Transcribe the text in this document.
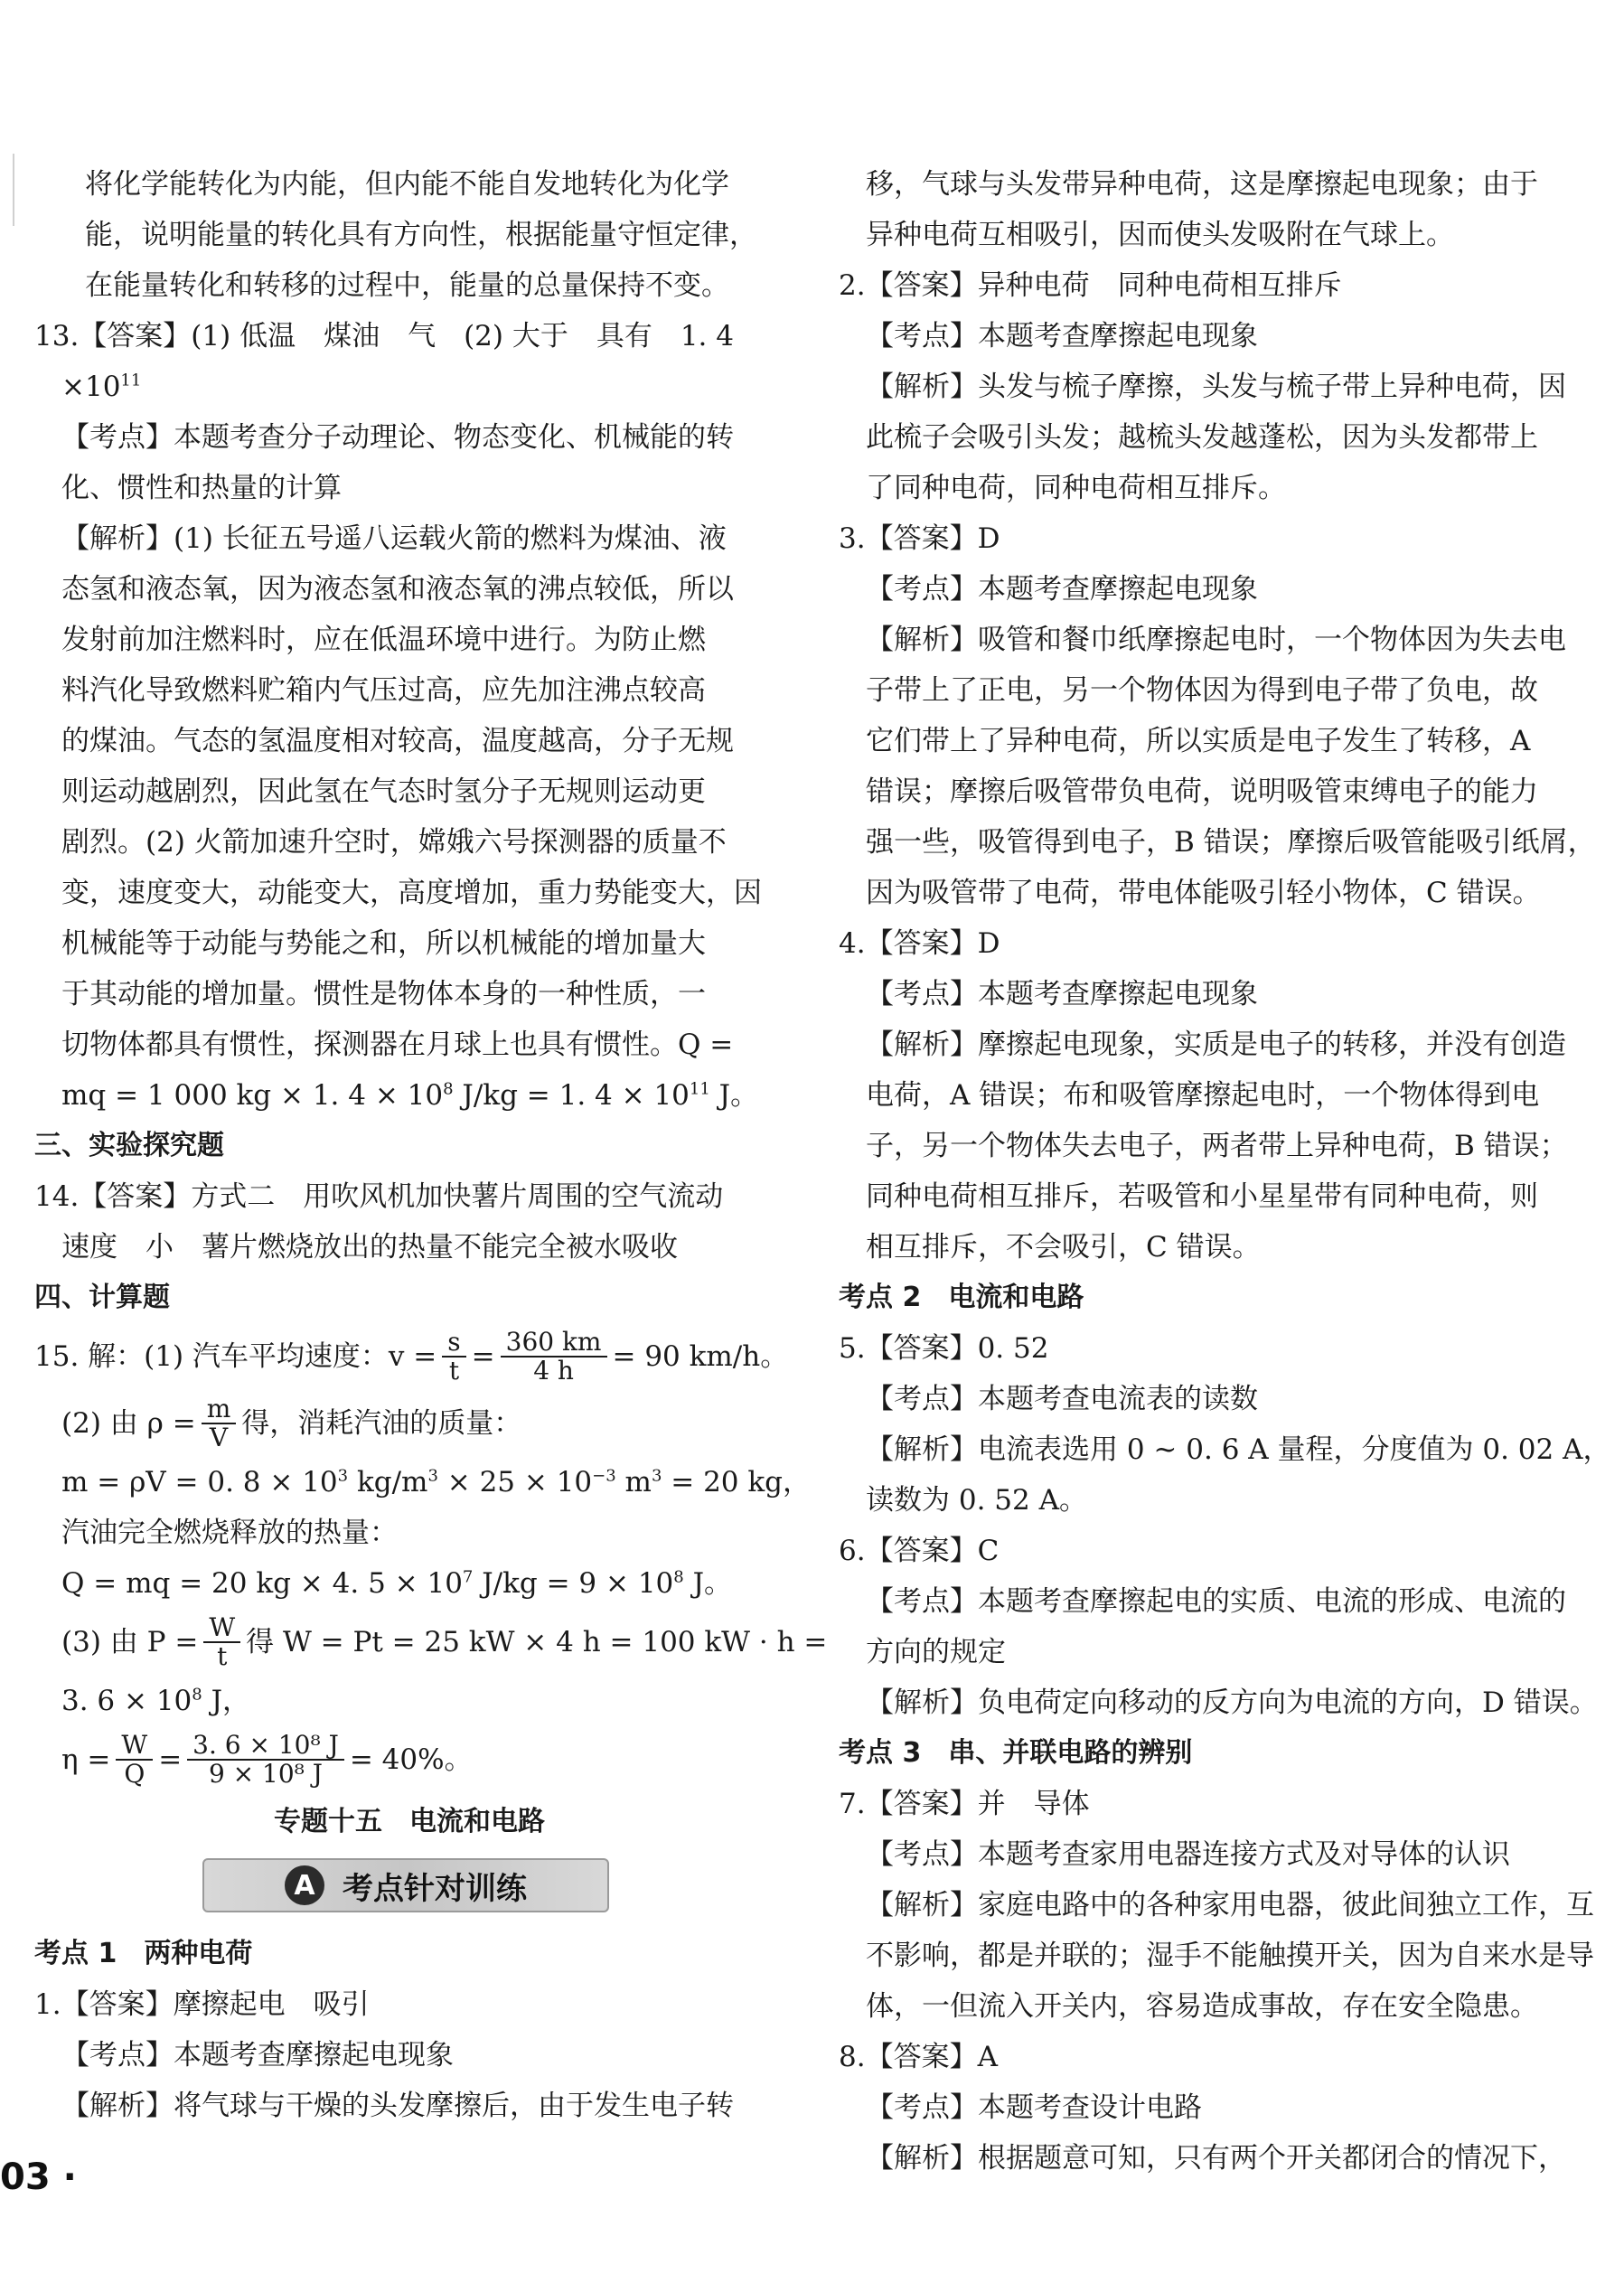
将化学能转化为内能，但内能不能自发地转化为化学
能，说明能量的转化具有方向性，根据能量守恒定律，
在能量转化和转移的过程中，能量的总量保持不变。
13.【答案】(1) 低温　煤油　气　(2) 大于　具有　1. 4
$\times 10^{11}$
【考点】本题考查分子动理论、物态变化、机械能的转
化、惯性和热量的计算
【解析】(1) 长征五号遥八运载火箭的燃料为煤油、液
态氢和液态氧，因为液态氢和液态氧的沸点较低，所以
发射前加注燃料时，应在低温环境中进行。为防止燃
料汽化导致燃料贮箱内气压过高，应先加注沸点较高
的煤油。气态的氢温度相对较高，温度越高，分子无规
则运动越剧烈，因此氢在气态时氢分子无规则运动更
剧烈。(2) 火箭加速升空时，嫦娥六号探测器的质量不
变，速度变大，动能变大，高度增加，重力势能变大，因
机械能等于动能与势能之和，所以机械能的增加量大
于其动能的增加量。惯性是物体本身的一种性质，一
切物体都具有惯性，探测器在月球上也具有惯性。Q =
mq = 1 000 kg × 1. $4 \times 10^8$ J/kg = 1. $4 \times 10^{11}$ J。
三、实验探究题
14.【答案】方式二　用吹风机加快薯片周围的空气流动
速度　小　薯片燃烧放出的热量不能完全被水吸收
四、计算题
15. 解：(1) 汽车平均速度：$v = \frac{s}{t} = \frac{360 km}{4 h} = 90$ km/h。
(2) 由 $\rho = \frac{m}{V}$ 得，消耗汽油的质量：
m = ρV = 0. $8 \times 10^3$ $kg/m^3 \times 25 \times 10^{-3}$ $m^3 = 20$ kg，
汽油完全燃烧释放的热量：
Q = mq = 20 kg × 4. $5 \times 10^7$ $J/kg = 9 \times 10^8$ J。
(3) 由 $P = \frac{W}{t}$ 得 W = Pt = 25 kW × 4 h = 100 kW · h =
3. $6 \times 10^8$ J，
$\eta = \frac{W}{Q} = \frac{\text{3. 6 × 10⁸ J}}{\text{9 × 10⁸ J}} = 40\%$。
专题十五　电流和电路
A 考点针对训练
考点 1　两种电荷
1.【答案】摩擦起电　吸引
【考点】本题考查摩擦起电现象
【解析】将气球与干燥的头发摩擦后，由于发生电子转
移，气球与头发带异种电荷，这是摩擦起电现象；由于
异种电荷互相吸引，因而使头发吸附在气球上。
2.【答案】异种电荷　同种电荷相互排斥
【考点】本题考查摩擦起电现象
【解析】头发与梳子摩擦，头发与梳子带上异种电荷，因
此梳子会吸引头发；越梳头发越蓬松，因为头发都带上
了同种电荷，同种电荷相互排斥。
3.【答案】D
【考点】本题考查摩擦起电现象
【解析】吸管和餐巾纸摩擦起电时，一个物体因为失去电
子带上了正电，另一个物体因为得到电子带了负电，故
它们带上了异种电荷，所以实质是电子发生了转移，A
错误；摩擦后吸管带负电荷，说明吸管束缚电子的能力
强一些，吸管得到电子，B 错误；摩擦后吸管能吸引纸屑，
因为吸管带了电荷，带电体能吸引轻小物体，C 错误。
4.【答案】D
【考点】本题考查摩擦起电现象
【解析】摩擦起电现象，实质是电子的转移，并没有创造
电荷，A 错误；布和吸管摩擦起电时，一个物体得到电
子，另一个物体失去电子，两者带上异种电荷，B 错误；
同种电荷相互排斥，若吸管和小星星带有同种电荷，则
相互排斥，不会吸引，C 错误。
考点 2　电流和电路
5.【答案】0. 52
【考点】本题考查电流表的读数
【解析】电流表选用 0 ~ 0. 6 A 量程，分度值为 0. 02 A，
读数为 0. 52 A。
6.【答案】C
【考点】本题考查摩擦起电的实质、电流的形成、电流的
方向的规定
【解析】负电荷定向移动的反方向为电流的方向，D 错误。
考点 3　串、并联电路的辨别
7.【答案】并　导体
【考点】本题考查家用电器连接方式及对导体的认识
【解析】家庭电路中的各种家用电器，彼此间独立工作，互
不影响，都是并联的；湿手不能触摸开关，因为自来水是导
体，一但流入开关内，容易造成事故，存在安全隐患。
8.【答案】A
【考点】本题考查设计电路
【解析】根据题意可知，只有两个开关都闭合的情况下，
03 ·
